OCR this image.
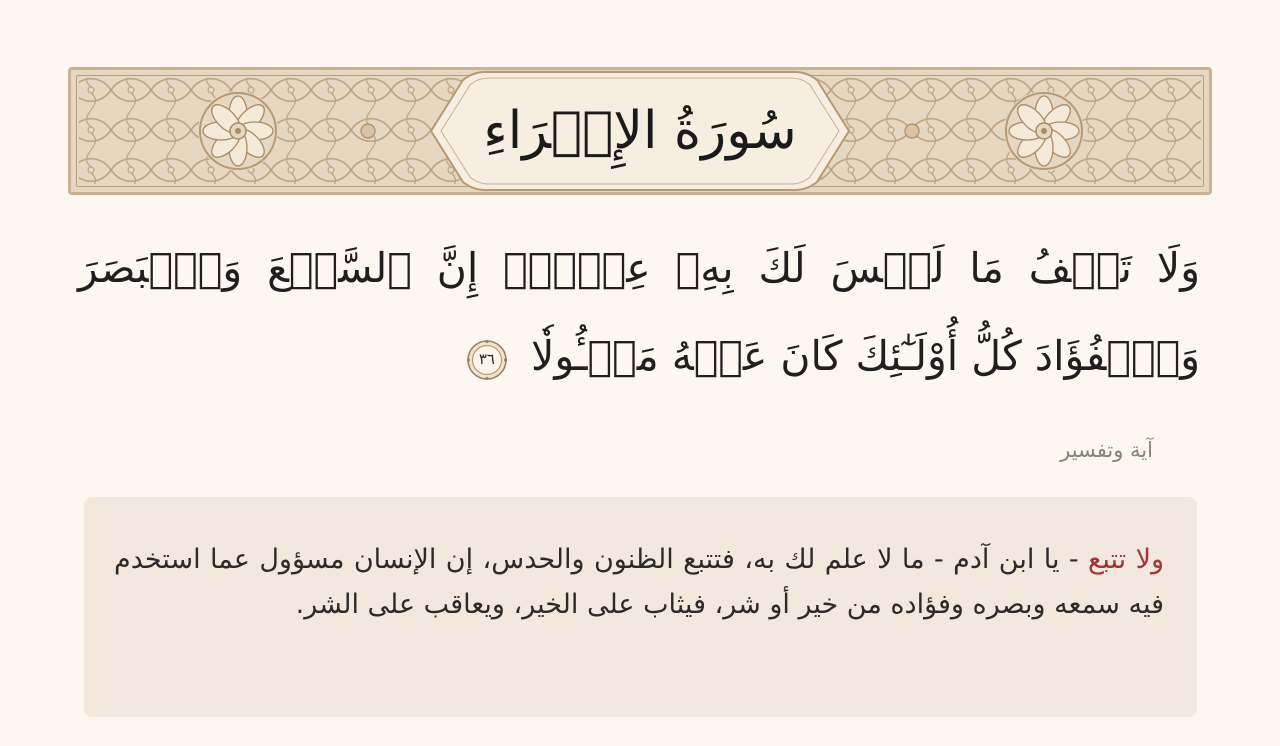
سُورَةُ الإِسۡرَاءِ
وَلَا تَقۡفُ مَا لَيۡسَ لَكَ بِهِۦ عِلۡمٌۚ إِنَّ ٱلسَّمۡعَ وَٱلۡبَصَرَ وَٱلۡفُؤَادَ كُلُّ أُوْلَـٰٓئِكَ كَانَ عَنۡهُ مَسۡـُٔولٗا
٣٦
آية وتفسير
ولا تتبع - يا ابن آدم - ما لا علم لك به، فتتبع الظنون والحدس، إن الإنسان مسؤول عما استخدم فيه سمعه وبصره وفؤاده من خير أو شر، فيثاب على الخير، ويعاقب على الشر.
